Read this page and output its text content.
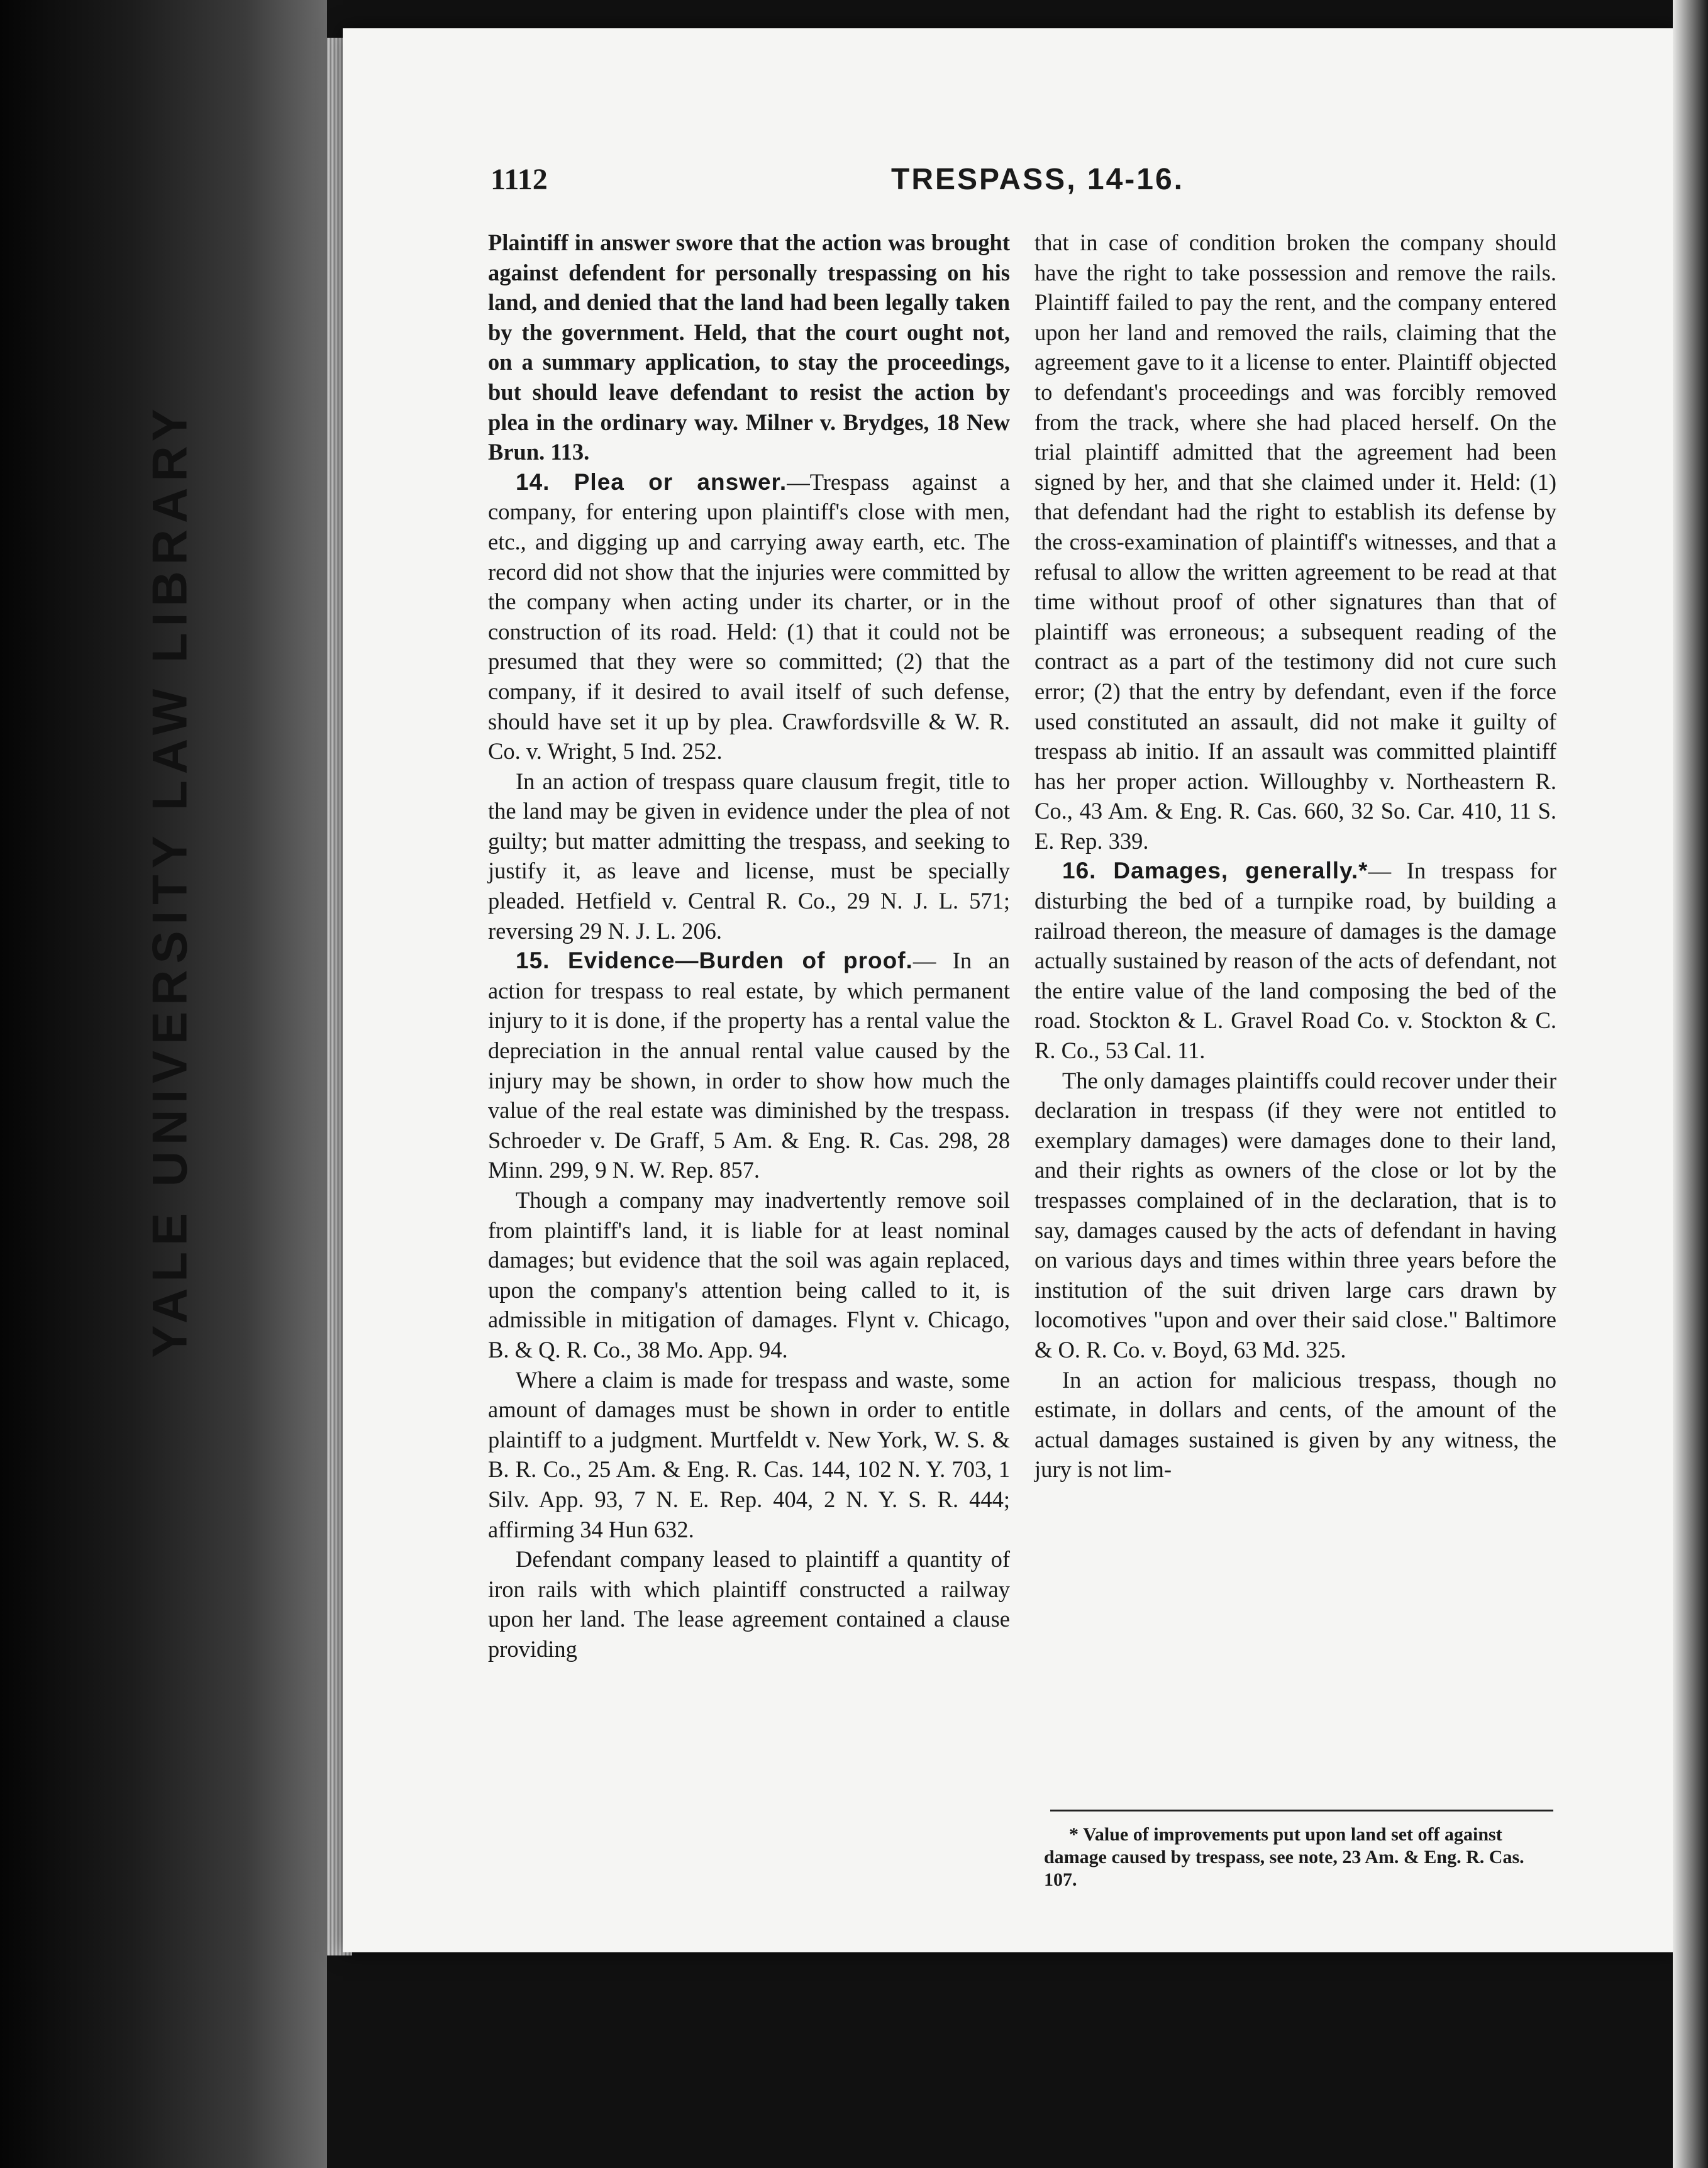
YALE UNIVERSITY LAW LIBRARY
1112	TRESPASS, 14-16.

Plaintiff in answer swore that the action was brought against defendent for personally trespassing on his land, and denied that the land had been legally taken by the government. Held, that the court ought not, on a summary application, to stay the proceedings, but should leave defendant to resist the action by plea in the ordinary way. Milner v. Brydges, 18 New Brun. 113.

14. Plea or answer.—Trespass against a company, for entering upon plaintiff's close with men, etc., and digging up and carrying away earth, etc. The record did not show that the injuries were committed by the company when acting under its charter, or in the construction of its road. Held: (1) that it could not be presumed that they were so committed; (2) that the company, if it desired to avail itself of such defense, should have set it up by plea. Crawfordsville & W. R. Co. v. Wright, 5 Ind. 252.

In an action of trespass quare clausum fregit, title to the land may be given in evidence under the plea of not guilty; but matter admitting the trespass, and seeking to justify it, as leave and license, must be specially pleaded. Hetfield v. Central R. Co., 29 N. J. L. 571; reversing 29 N. J. L. 206.

15. Evidence—Burden of proof.— In an action for trespass to real estate, by which permanent injury to it is done, if the property has a rental value the depreciation in the annual rental value caused by the injury may be shown, in order to show how much the value of the real estate was diminished by the trespass. Schroeder v. De Graff, 5 Am. & Eng. R. Cas. 298, 28 Minn. 299, 9 N. W. Rep. 857.

Though a company may inadvertently remove soil from plaintiff's land, it is liable for at least nominal damages; but evidence that the soil was again replaced, upon the company's attention being called to it, is admissible in mitigation of damages. Flynt v. Chicago, B. & Q. R. Co., 38 Mo. App. 94.

Where a claim is made for trespass and waste, some amount of damages must be shown in order to entitle plaintiff to a judgment. Murtfeldt v. New York, W. S. & B. R. Co., 25 Am. & Eng. R. Cas. 144, 102 N. Y. 703, 1 Silv. App. 93, 7 N. E. Rep. 404, 2 N. Y. S. R. 444; affirming 34 Hun 632.

Defendant company leased to plaintiff a quantity of iron rails with which plaintiff constructed a railway upon her land. The lease agreement contained a clause providing

that in case of condition broken the company should have the right to take possession and remove the rails. Plaintiff failed to pay the rent, and the company entered upon her land and removed the rails, claiming that the agreement gave to it a license to enter. Plaintiff objected to defendant's proceedings and was forcibly removed from the track, where she had placed herself. On the trial plaintiff admitted that the agreement had been signed by her, and that she claimed under it. Held: (1) that defendant had the right to establish its defense by the cross-examination of plaintiff's witnesses, and that a refusal to allow the written agreement to be read at that time without proof of other signatures than that of plaintiff was erroneous; a subsequent reading of the contract as a part of the testimony did not cure such error; (2) that the entry by defendant, even if the force used constituted an assault, did not make it guilty of trespass ab initio. If an assault was committed plaintiff has her proper action. Willoughby v. Northeastern R. Co., 43 Am. & Eng. R. Cas. 660, 32 So. Car. 410, 11 S. E. Rep. 339.

16. Damages, generally.*— In trespass for disturbing the bed of a turnpike road, by building a railroad thereon, the measure of damages is the damage actually sustained by reason of the acts of defendant, not the entire value of the land composing the bed of the road. Stockton & L. Gravel Road Co. v. Stockton & C. R. Co., 53 Cal. 11.

The only damages plaintiffs could recover under their declaration in trespass (if they were not entitled to exemplary damages) were damages done to their land, and their rights as owners of the close or lot by the trespasses complained of in the declaration, that is to say, damages caused by the acts of defendant in having on various days and times within three years before the institution of the suit driven large cars drawn by locomotives "upon and over their said close." Baltimore & O. R. Co. v. Boyd, 63 Md. 325.

In an action for malicious trespass, though no estimate, in dollars and cents, of the amount of the actual damages sustained is given by any witness, the jury is not lim-

* Value of improvements put upon land set off against damage caused by trespass, see note, 23 Am. & Eng. R. Cas. 107.
